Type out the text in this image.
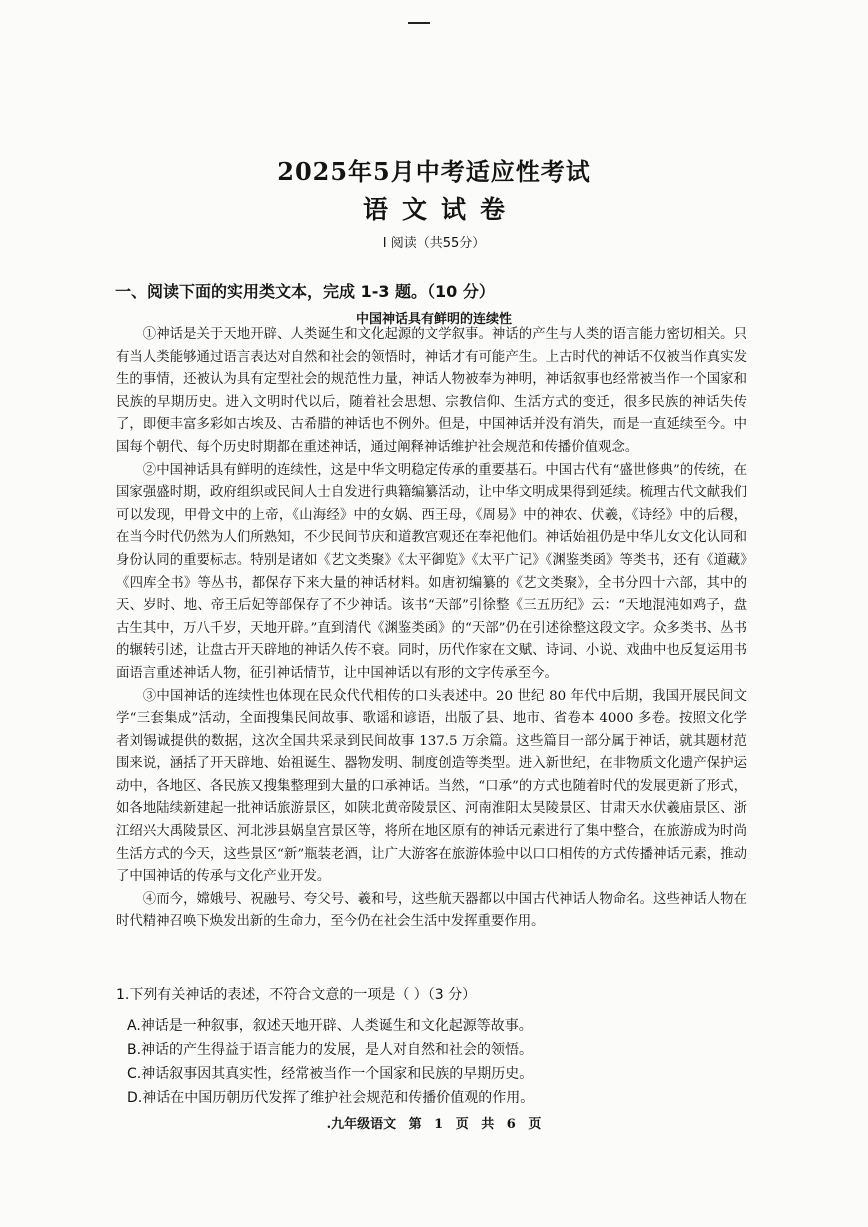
2025年5月中考适应性考试
语文试卷
Ⅰ 阅读（共55分）
一、阅读下面的实用类文本，完成 1-3 题。（10 分）
中国神话具有鲜明的连续性

①神话是关于天地开辟、人类诞生和文化起源的文学叙事。神话的产生与人类的语言能力密切相关。只有当人类能够通过语言表达对自然和社会的领悟时，神话才有可能产生。上古时代的神话不仅被当作真实发生的事情，还被认为具有定型社会的规范性力量，神话人物被奉为神明，神话叙事也经常被当作一个国家和民族的早期历史。进入文明时代以后，随着社会思想、宗教信仰、生活方式的变迁，很多民族的神话失传了，即便丰富多彩如古埃及、古希腊的神话也不例外。但是，中国神话并没有消失，而是一直延续至今。中国每个朝代、每个历史时期都在重述神话，通过阐释神话维护社会规范和传播价值观念。

②中国神话具有鲜明的连续性，这是中华文明稳定传承的重要基石。中国古代有“盛世修典”的传统，在国家强盛时期，政府组织或民间人士自发进行典籍编纂活动，让中华文明成果得到延续。梳理古代文献我们可以发现，甲骨文中的上帝，《山海经》中的女娲、西王母，《周易》中的神农、伏羲，《诗经》中的后稷，在当今时代仍然为人们所熟知，不少民间节庆和道教宫观还在奉祀他们。神话始祖仍是中华儿女文化认同和身份认同的重要标志。特别是诸如《艺文类聚》《太平御览》《太平广记》《渊鉴类函》等类书，还有《道藏》《四库全书》等丛书，都保存下来大量的神话材料。如唐初编纂的《艺文类聚》，全书分四十六部，其中的天、岁时、地、帝王后妃等部保存了不少神话。该书“天部”引徐整《三五历纪》云：“天地混沌如鸡子，盘古生其中，万八千岁，天地开辟。”直到清代《渊鉴类函》的“天部”仍在引述徐整这段文字。众多类书、丛书的辗转引述，让盘古开天辟地的神话久传不衰。同时，历代作家在文赋、诗词、小说、戏曲中也反复运用书面语言重述神话人物，征引神话情节，让中国神话以有形的文字传承至今。

③中国神话的连续性也体现在民众代代相传的口头表述中。20 世纪 80 年代中后期，我国开展民间文学“三套集成”活动，全面搜集民间故事、歌谣和谚语，出版了县、地市、省卷本 4000 多卷。按照文化学者刘锡诚提供的数据，这次全国共采录到民间故事 137.5 万余篇。这些篇目一部分属于神话，就其题材范围来说，涵括了开天辟地、始祖诞生、器物发明、制度创造等类型。进入新世纪，在非物质文化遗产保护运动中，各地区、各民族又搜集整理到大量的口承神话。当然，“口承”的方式也随着时代的发展更新了形式，如各地陆续新建起一批神话旅游景区，如陕北黄帝陵景区、河南淮阳太昊陵景区、甘肃天水伏羲庙景区、浙江绍兴大禹陵景区、河北涉县娲皇宫景区等，将所在地区原有的神话元素进行了集中整合，在旅游成为时尚生活方式的今天，这些景区“新”瓶装老酒，让广大游客在旅游体验中以口口相传的方式传播神话元素，推动了中国神话的传承与文化产业开发。

④而今，嫦娥号、祝融号、夸父号、羲和号，这些航天器都以中国古代神话人物命名。这些神话人物在时代精神召唤下焕发出新的生命力，至今仍在社会生活中发挥重要作用。

1.下列有关神话的表述，不符合文意的一项是（ ）（3 分）
A.神话是一种叙事，叙述天地开辟、人类诞生和文化起源等故事。
B.神话的产生得益于语言能力的发展，是人对自然和社会的领悟。
C.神话叙事因其真实性，经常被当作一个国家和民族的早期历史。
D.神话在中国历朝历代发挥了维护社会规范和传播价值观的作用。
.九年级语文 第 1 页 共 6 页
